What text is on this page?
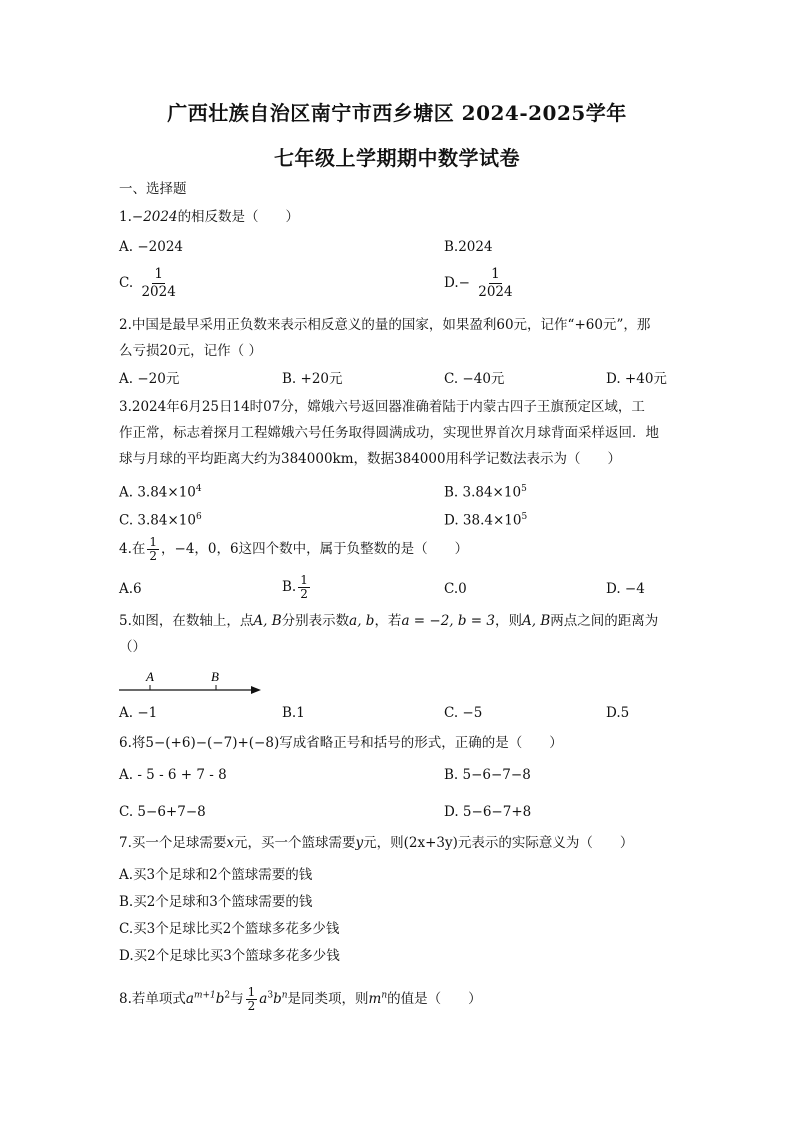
广西壮族自治区南宁市西乡塘区 2024-2025学年
七年级上学期期中数学试卷
一、选择题
1.−2024的相反数是（　　）
A. −2024	B.2024
C. $\frac{1}{2024}$	$D.- \frac{1}{2024}$
2.中国是最早采用正负数来表示相反意义的量的国家，如果盈利60元，记作“+60元”，那
么亏损20元，记作（ ）
A. −20元	B. +20元	C. −40元	D. +40元
3.2024年6月25日14时07分，嫦娥六号返回器准确着陆于内蒙古四子王旗预定区域，工
作正常，标志着探月工程嫦娥六号任务取得圆满成功，实现世界首次月球背面采样返回．地
球与月球的平均距离大约为384000km，数据384000用科学记数法表示为（　　）
A. $3.84\times 10^4$	B. $3.84\times 10^5$
C. $3.84\times 10^6$	D. $38.4\times 10^5$
4.在 $\frac{1}{2}$ ，−4，0，6这四个数中，属于负整数的是（　　）
A.6	B. $\frac{1}{2}$	C.0	D. −4
5.如图，在数轴上，点A, B分别表示数a, b，若a = −2, b = 3，则A, B两点之间的距离为
（）
A	B
A. −1	B.1	C. −5	D.5
6.将5−(+6)−(−7)+(−8)写成省略正号和括号的形式，正确的是（　　）
A. - 5 - 6 + 7 - 8	B. 5−6−7−8
C. 5−6+7−8	D. 5−6−7+8
7.买一个足球需要x元，买一个篮球需要y元，则(2x+3y)元表示的实际意义为（　　）
A.买3个足球和2个篮球需要的钱
B.买2个足球和3个篮球需要的钱
C.买3个足球比买2个篮球多花多少钱
D.买2个足球比买3个篮球多花多少钱
8.若单项式$a^{m+1}b^2$与 $\frac{1}{2} a^3b^n$是同类项，则$m^n$的值是（　　）
